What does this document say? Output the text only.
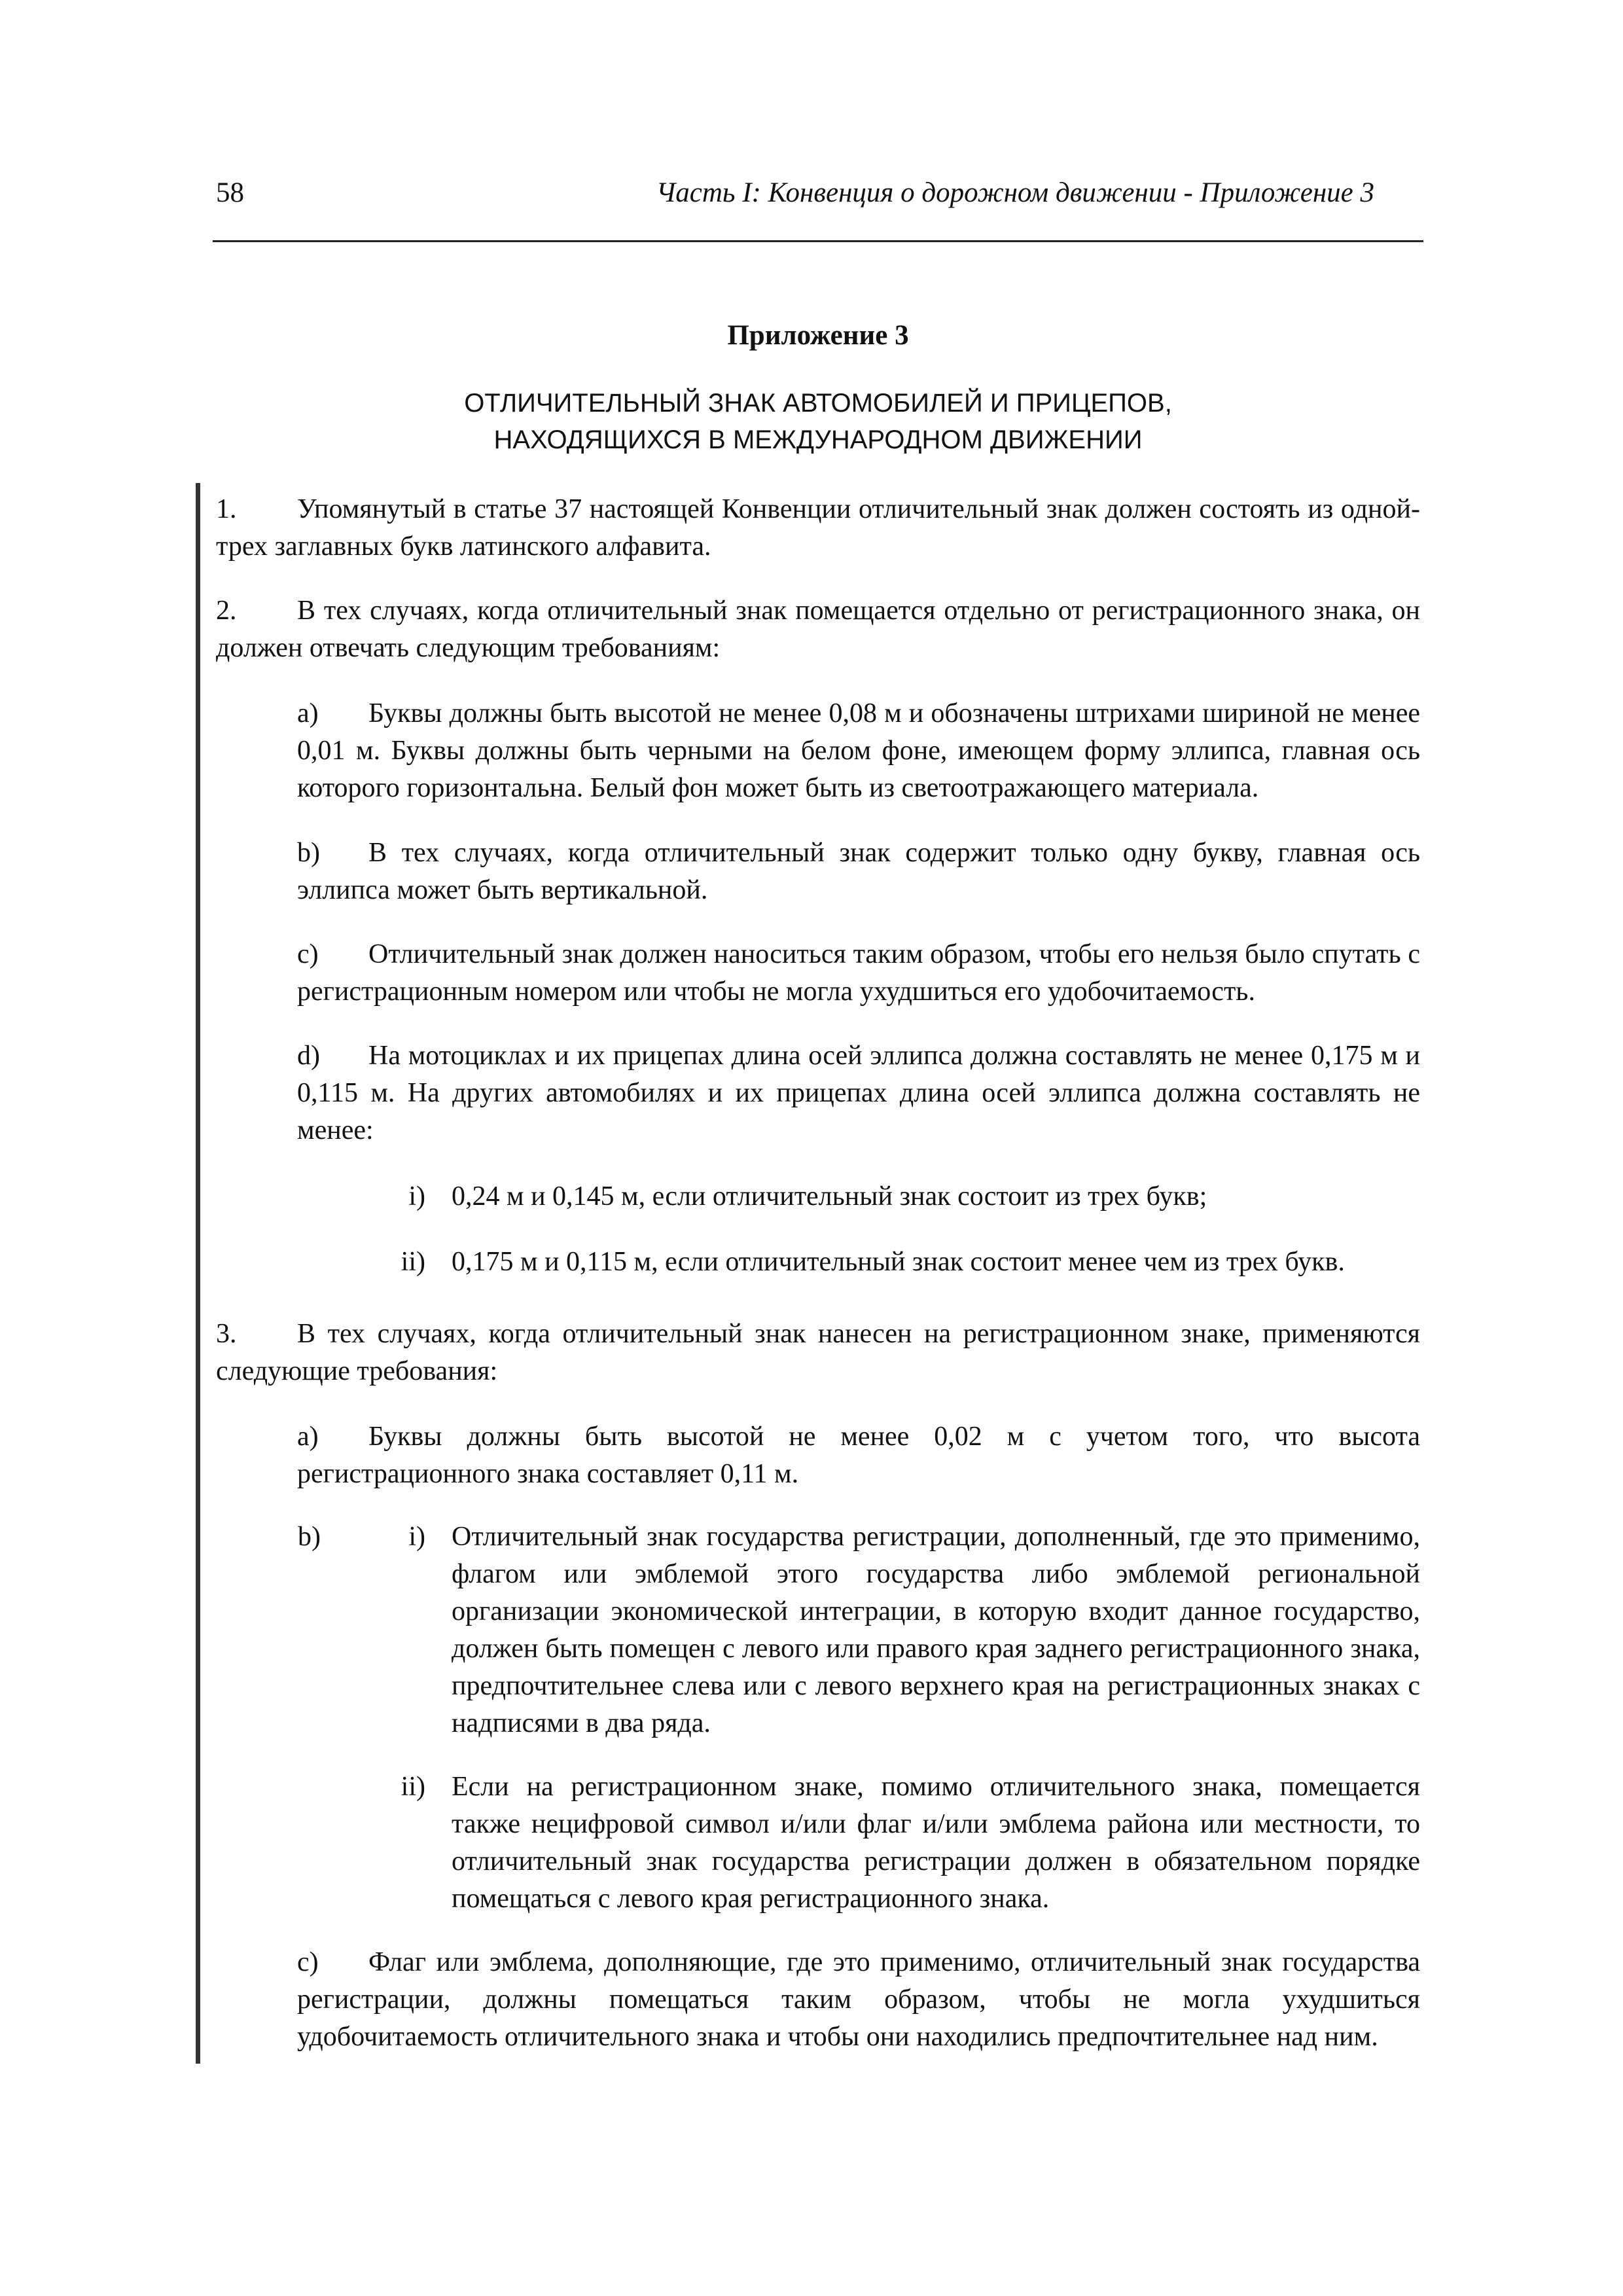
58	Часть I: Конвенция о дорожном движении - Приложение 3
Приложение 3
ОТЛИЧИТЕЛЬНЫЙ ЗНАК АВТОМОБИЛЕЙ И ПРИЦЕПОВ,
НАХОДЯЩИХСЯ В МЕЖДУНАРОДНОМ ДВИЖЕНИИ
1. Упомянутый в статье 37 настоящей Конвенции отличительный знак должен состоять из одной-трех заглавных букв латинского алфавита.
2. В тех случаях, когда отличительный знак помещается отдельно от регистрационного знака, он должен отвечать следующим требованиям:
a) Буквы должны быть высотой не менее 0,08 м и обозначены штрихами шириной не менее 0,01 м. Буквы должны быть черными на белом фоне, имеющем форму эллипса, главная ось которого горизонтальна. Белый фон может быть из светоотражающего материала.
b) В тех случаях, когда отличительный знак содержит только одну букву, главная ось эллипса может быть вертикальной.
c) Отличительный знак должен наноситься таким образом, чтобы его нельзя было спутать с регистрационным номером или чтобы не могла ухудшиться его удобочитаемость.
d) На мотоциклах и их прицепах длина осей эллипса должна составлять не менее 0,175 м и 0,115 м. На других автомобилях и их прицепах длина осей эллипса должна составлять не менее:
i) 0,24 м и 0,145 м, если отличительный знак состоит из трех букв;
ii) 0,175 м и 0,115 м, если отличительный знак состоит менее чем из трех букв.
3. В тех случаях, когда отличительный знак нанесен на регистрационном знаке, применяются следующие требования:
a) Буквы должны быть высотой не менее 0,02 м с учетом того, что высота регистрационного знака составляет 0,11 м.
b)	i) Отличительный знак государства регистрации, дополненный, где это применимо, флагом или эмблемой этого государства либо эмблемой региональной организации экономической интеграции, в которую входит данное государство, должен быть помещен с левого или правого края заднего регистрационного знака, предпочтительнее слева или с левого верхнего края на регистрационных знаках с надписями в два ряда.
ii) Если на регистрационном знаке, помимо отличительного знака, помещается также нецифровой символ и/или флаг и/или эмблема района или местности, то отличительный знак государства регистрации должен в обязательном порядке помещаться с левого края регистрационного знака.
c) Флаг или эмблема, дополняющие, где это применимо, отличительный знак государства регистрации, должны помещаться таким образом, чтобы не могла ухудшиться удобочитаемость отличительного знака и чтобы они находились предпочтительнее над ним.
